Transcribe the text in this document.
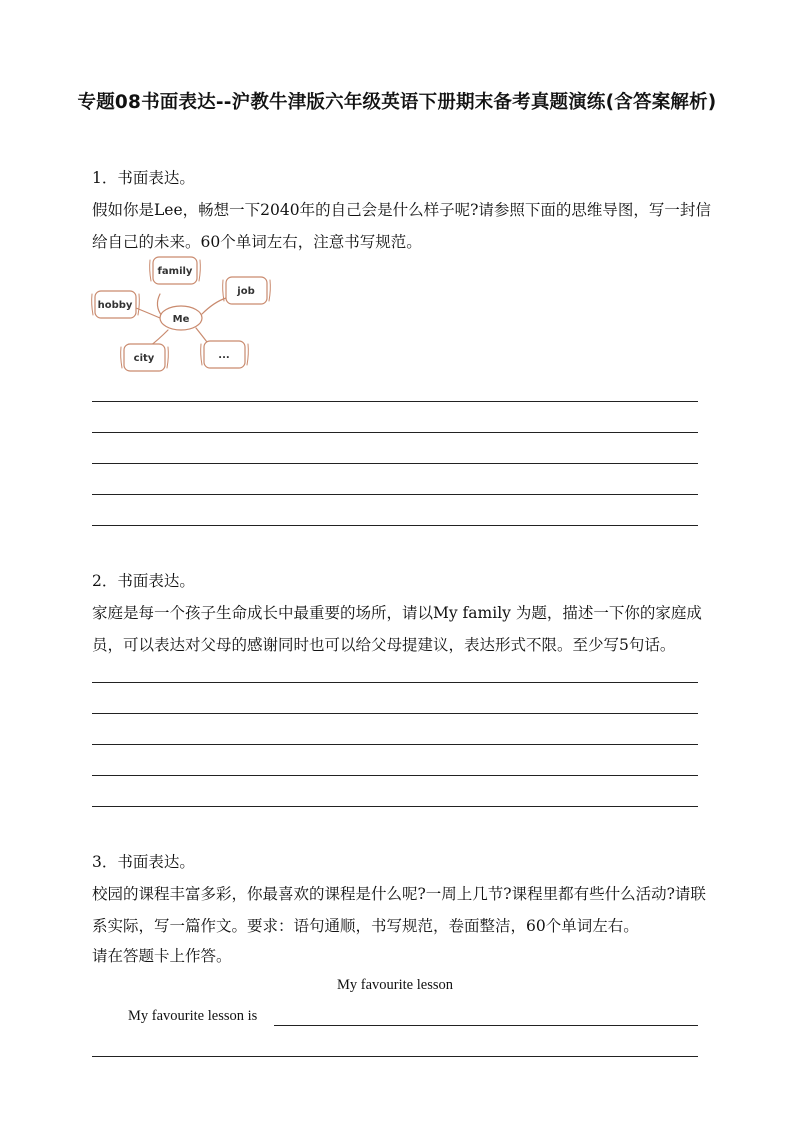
专题08书面表达--沪教牛津版六年级英语下册期末备考真题演练(含答案解析)

1．书面表达。

假如你是Lee，畅想一下2040年的自己会是什么样子呢?请参照下面的思维导图，写一封信给自己的未来。60个单词左右，注意书写规范。

Me
family
job
hobby
city	...

2．书面表达。

家庭是每一个孩子生命成长中最重要的场所，请以My family 为题，描述一下你的家庭成员，可以表达对父母的感谢同时也可以给父母提建议，表达形式不限。至少写5句话。

3．书面表达。

校园的课程丰富多彩，你最喜欢的课程是什么呢?一周上几节?课程里都有些什么活动?请联系实际，写一篇作文。要求：语句通顺，书写规范，卷面整洁，60个单词左右。

请在答题卡上作答。

My favourite lesson
My favourite lesson is
